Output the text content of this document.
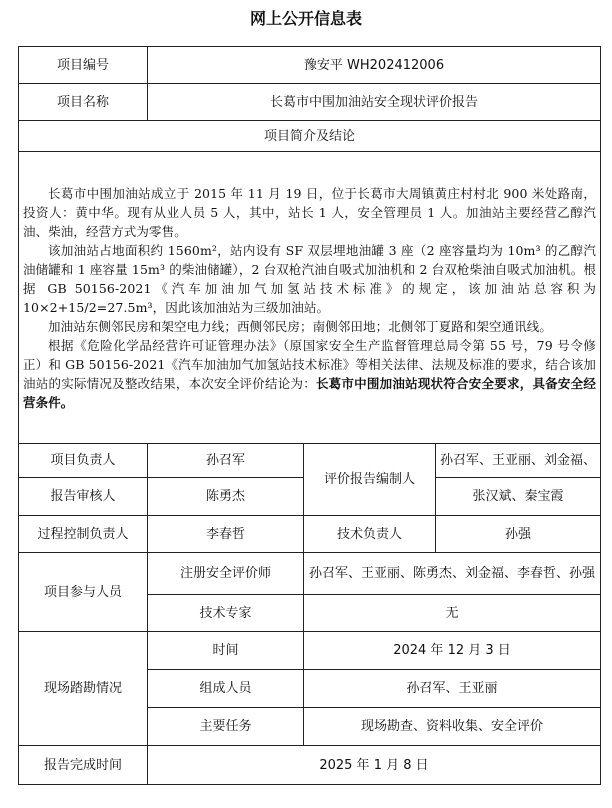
网上公开信息表
项目编号	豫安平 WH202412006		
项目名称	长葛市中围加油站安全现状评价报告		
项目简介及结论			

长葛市中围加油站成立于 2015 年 11 月 19 日，位于长葛市大周镇黄庄村村北 900 米处路南，投资人：黄中华。现有从业人员 5 人，其中，站长 1 人，安全管理员 1 人。加油站主要经营乙醇汽油、柴油，经营方式为零售。

该加油站占地面积约 1560m²，站内设有 SF 双层埋地油罐 3 座（2 座容量均为 10m³ 的乙醇汽油储罐和 1 座容量 15m³ 的柴油储罐），2 台双枪汽油自吸式加油机和 2 台双枪柴油自吸式加油机。根据 GB 50156-2021《汽车加油加气加氢站技术标准》的规定，该加油站总容积为 10×2+15/2=27.5m³，因此该加油站为三级加油站。

加油站东侧邻民房和架空电力线；西侧邻民房；南侧邻田地；北侧邻丁夏路和架空通讯线。

根据《危险化学品经营许可证管理办法》（原国家安全生产监督管理总局令第 55 号，79 号令修正）和 GB 50156-2021《汽车加油加气加氢站技术标准》等相关法律、法规及标准的要求，结合该加油站的实际情况及整改结果，本次安全评价结论为：长葛市中围加油站现状符合安全要求，具备安全经营条件。			

项目负责人	孙召军	评价报告编制人	孙召军、王亚丽、刘金福、
报告审核人	陈勇杰		张汉斌、秦宝霞
过程控制负责人	李春哲	技术负责人	孙强
项目参与人员	注册安全评价师	孙召军、王亚丽、陈勇杰、刘金福、李春哲、孙强	
	技术专家	无	
现场踏勘情况	时间	2024 年 12 月 3 日	
	组成人员	孙召军、王亚丽	
	主要任务	现场勘查、资料收集、安全评价	
报告完成时间	2025 年 1 月 8 日		
